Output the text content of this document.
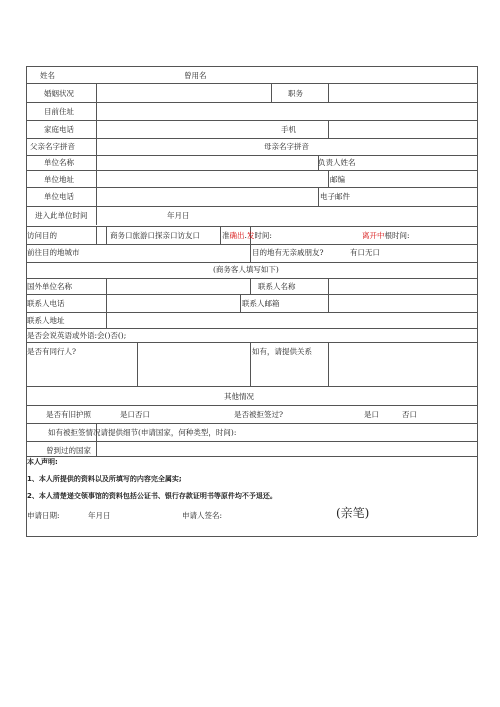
姓名	曾用名
婚姻状况	职务
目前住址
家庭电话	手机
父亲名字拼音	母亲名字拼音
单位名称	负责人姓名
单位地址	邮编
单位电话	电子邮件
进入此单位时间	年月日
访问目的	商务口旅游口探亲口访友口	准确出.发时间:	离开中根时间:
前往目的地城市	目的地有无亲戚朋友?	有口无口
(商务客人填写如下)
国外单位名称	联系人名称
联系人电话	联系人邮箱
联系人地址
是否会说英语或外语:会()否();
是否有同行人?	如有，请提供关系
其他情况
是否有旧护照	是口否口	是否被拒签过?	是口	否口
如有被拒签情况请提供细节(申请国家，何种类型，时间):
曾到过的国家
本人声明:
1、本人所提供的资料以及所填写的内容完全属实;
2、本人清楚递交领事馆的资料包括公证书、银行存款证明书等原件均不予退还。
申请日期:	年月日	申请人签名:	(亲笔)
